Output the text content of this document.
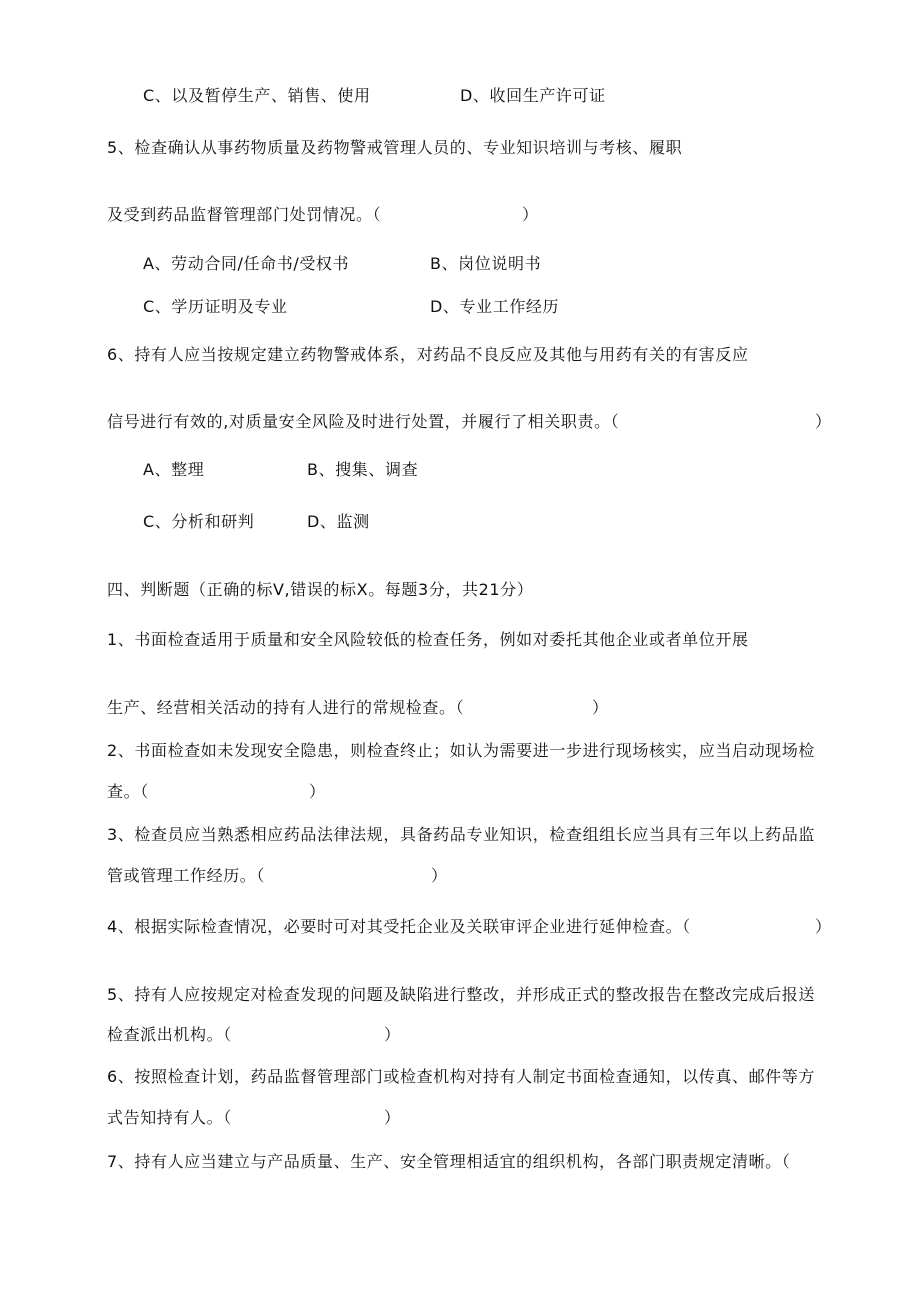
C、以及暂停生产、销售、使用	D、收回生产许可证
5、检查确认从事药物质量及药物警戒管理人员的、专业知识培训与考核、履职
及受到药品监督管理部门处罚情况。（	）
A、劳动合同/任命书/受权书	B、岗位说明书
C、学历证明及专业	D、专业工作经历
6、持有人应当按规定建立药物警戒体系，对药品不良反应及其他与用药有关的有害反应
信号进行有效的,对质量安全风险及时进行处置，并履行了相关职责。（	）
A、整理	B、搜集、调查
C、分析和研判	D、监测
四、判断题（正确的标V,错误的标X。每题3分，共21分）
1、书面检查适用于质量和安全风险较低的检查任务，例如对委托其他企业或者单位开展
生产、经营相关活动的持有人进行的常规检查。（	）
2、书面检查如未发现安全隐患，则检查终止；如认为需要进一步进行现场核实，应当启动现场检
查。（	）
3、检查员应当熟悉相应药品法律法规，具备药品专业知识，检查组组长应当具有三年以上药品监
管或管理工作经历。（	）
4、根据实际检查情况，必要时可对其受托企业及关联审评企业进行延伸检查。（	）
5、持有人应按规定对检查发现的问题及缺陷进行整改，并形成正式的整改报告在整改完成后报送
检查派出机构。（	）
6、按照检查计划，药品监督管理部门或检查机构对持有人制定书面检查通知，以传真、邮件等方
式告知持有人。（	）
7、持有人应当建立与产品质量、生产、安全管理相适宜的组织机构，各部门职责规定清晰。（
